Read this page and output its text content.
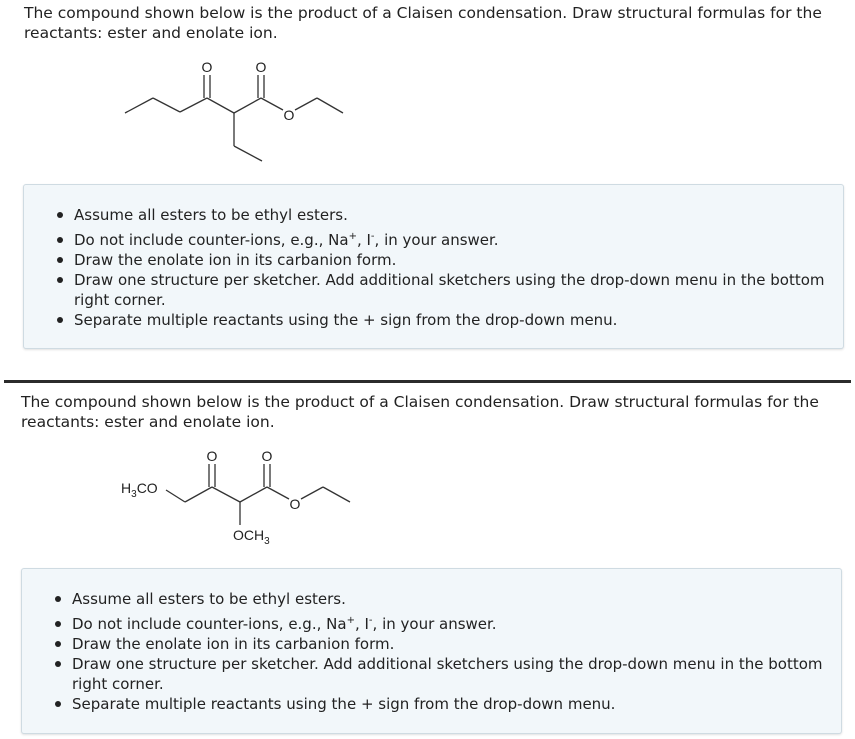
The compound shown below is the product of a Claisen condensation. Draw structural formulas for the
reactants: ester and enolate ion.

O	O
O
Assume all esters to be ethyl esters.
Do not include counter-ions, e.g., Na+, I-, in your answer.
Draw the enolate ion in its carbanion form.
Draw one structure per sketcher. Add additional sketchers using the drop-down menu in the bottom
right corner.
Separate multiple reactants using the + sign from the drop-down menu.

The compound shown below is the product of a Claisen condensation. Draw structural formulas for the
reactants: ester and enolate ion.

$H_3CO$
O	O
O
$OCH_3$
Assume all esters to be ethyl esters.
Do not include counter-ions, e.g., Na+, I-, in your answer.
Draw the enolate ion in its carbanion form.
Draw one structure per sketcher. Add additional sketchers using the drop-down menu in the bottom
right corner.
Separate multiple reactants using the + sign from the drop-down menu.
